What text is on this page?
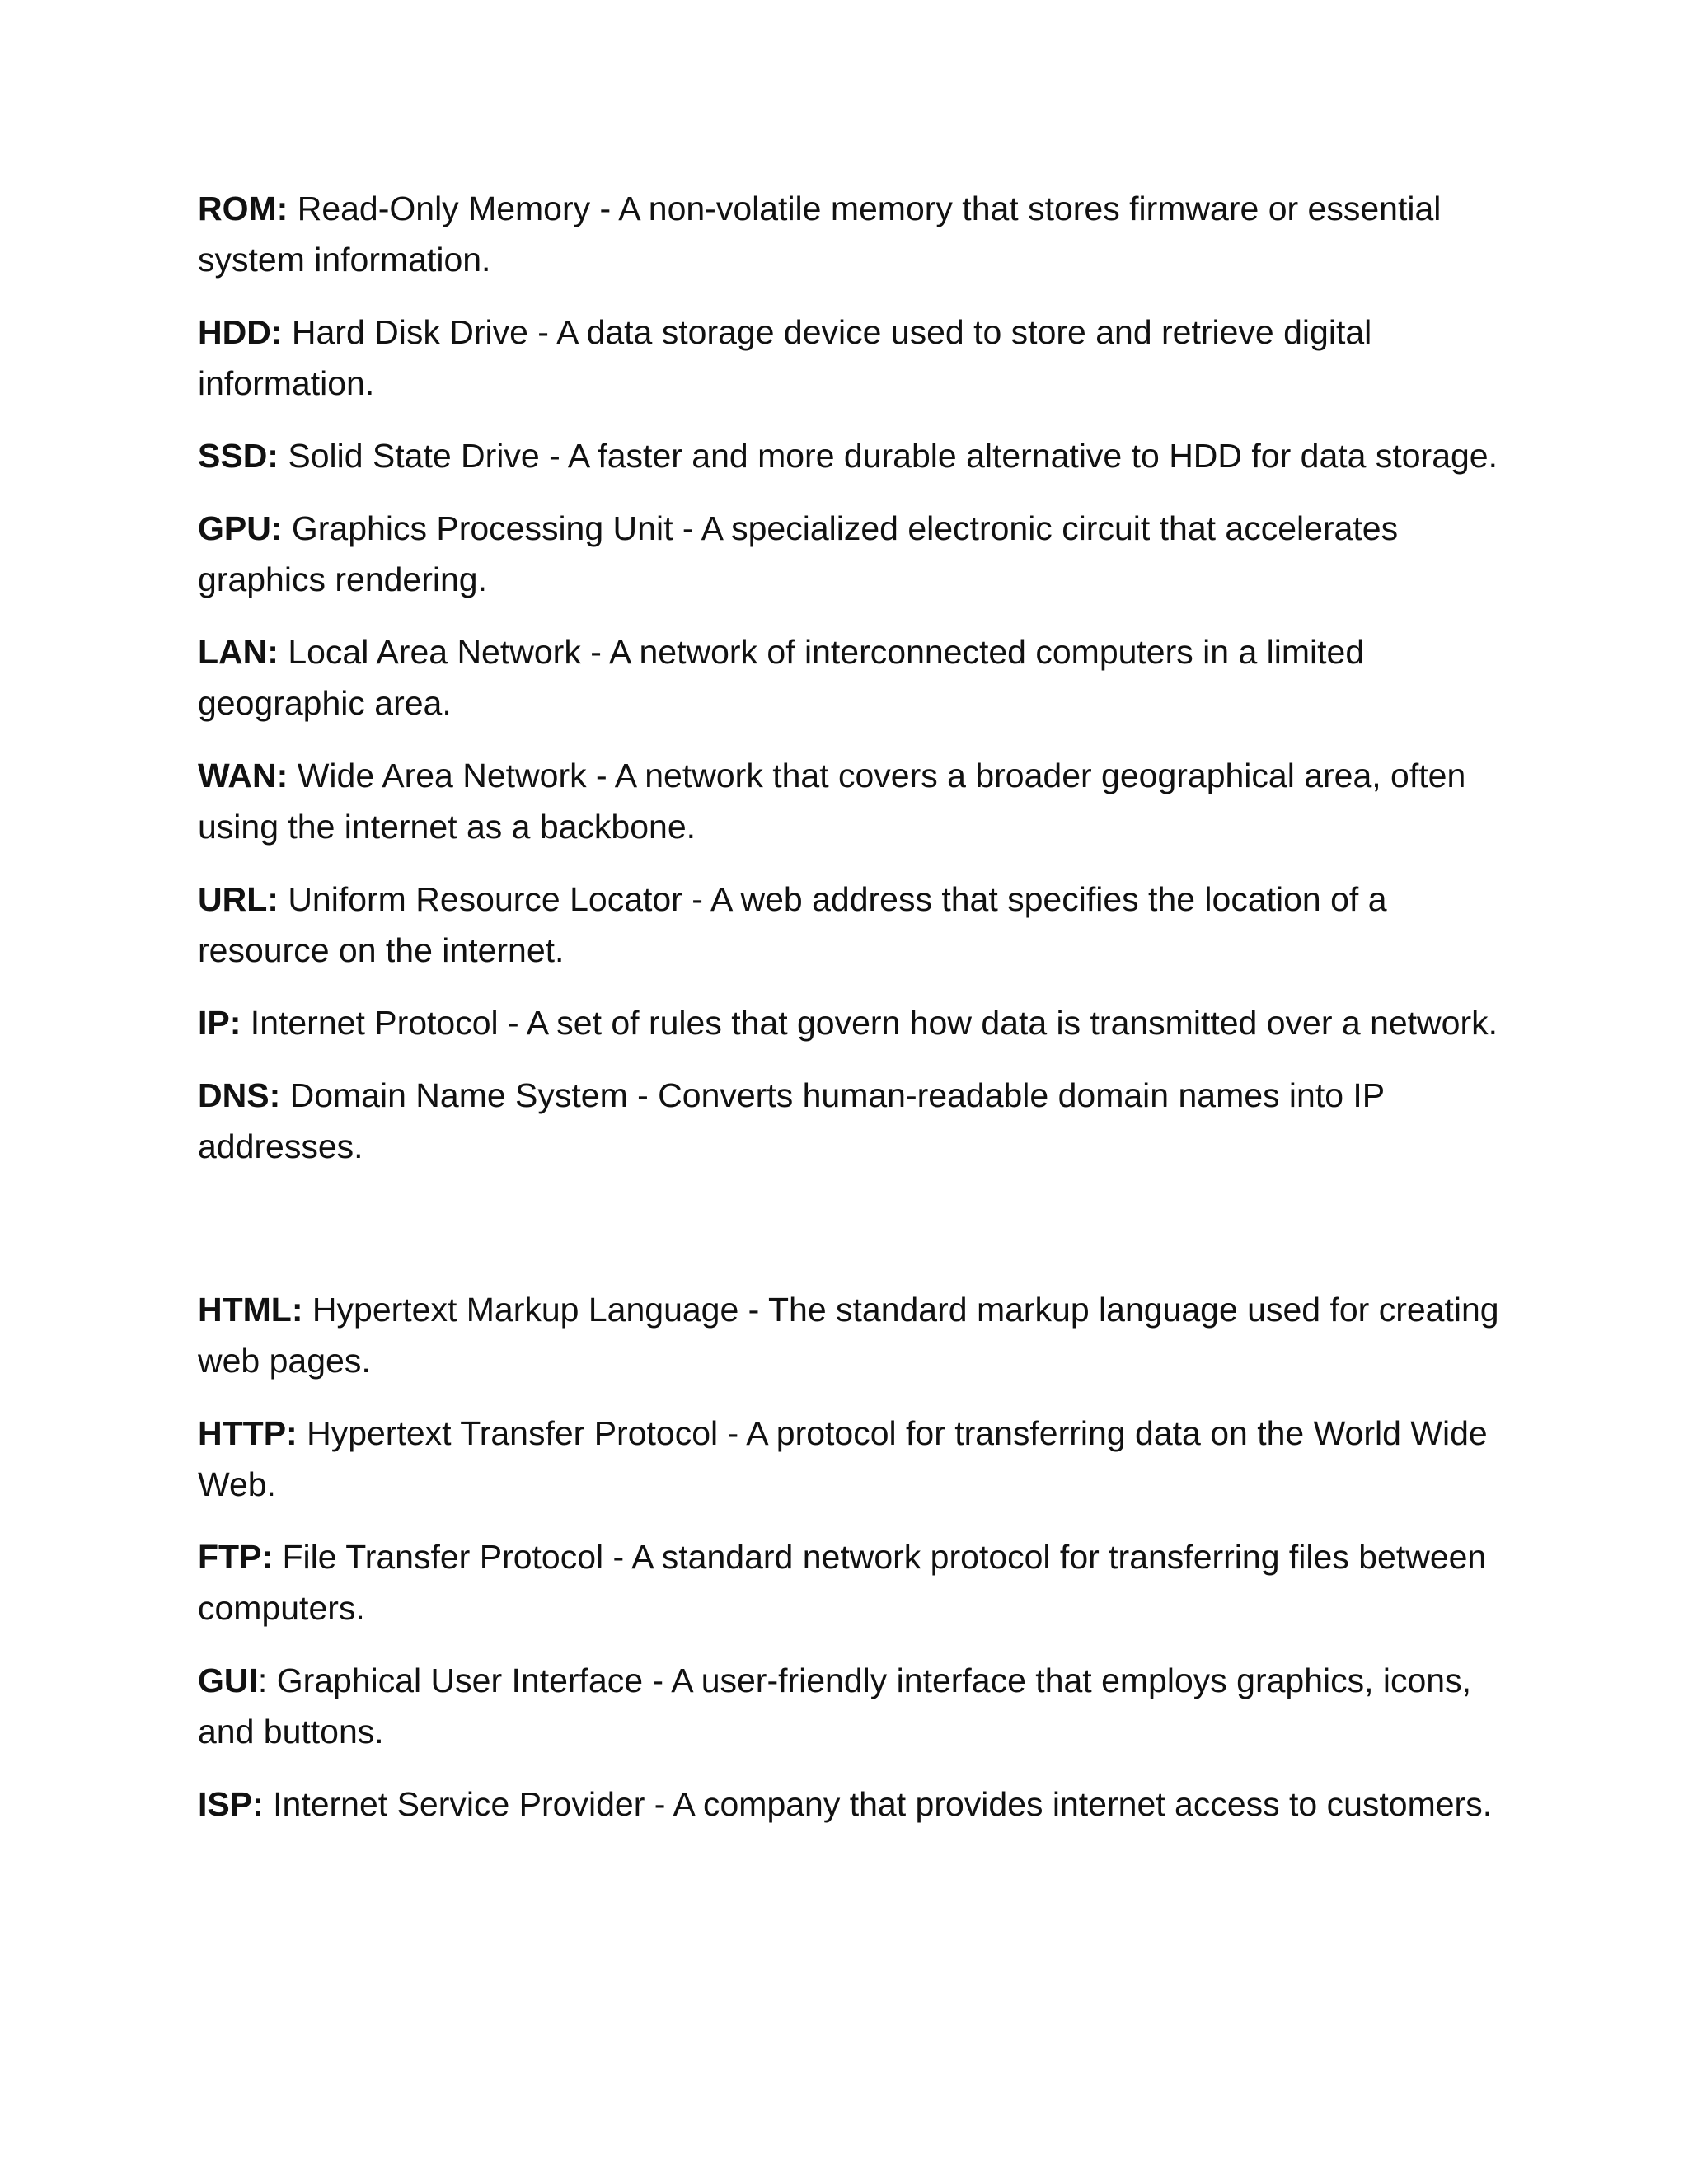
ROM: Read-Only Memory - A non-volatile memory that stores firmware or essential system information.

HDD: Hard Disk Drive - A data storage device used to store and retrieve digital information.

SSD: Solid State Drive - A faster and more durable alternative to HDD for data storage.

GPU: Graphics Processing Unit - A specialized electronic circuit that accelerates graphics rendering.

LAN: Local Area Network - A network of interconnected computers in a limited geographic area.

WAN: Wide Area Network - A network that covers a broader geographical area, often using the internet as a backbone.

URL: Uniform Resource Locator - A web address that specifies the location of a resource on the internet.

IP: Internet Protocol - A set of rules that govern how data is transmitted over a network.

DNS: Domain Name System - Converts human-readable domain names into IP addresses.

HTML: Hypertext Markup Language - The standard markup language used for creating web pages.

HTTP: Hypertext Transfer Protocol - A protocol for transferring data on the World Wide Web.

FTP: File Transfer Protocol - A standard network protocol for transferring files between computers.

GUI: Graphical User Interface - A user-friendly interface that employs graphics, icons, and buttons.

ISP: Internet Service Provider - A company that provides internet access to customers.
